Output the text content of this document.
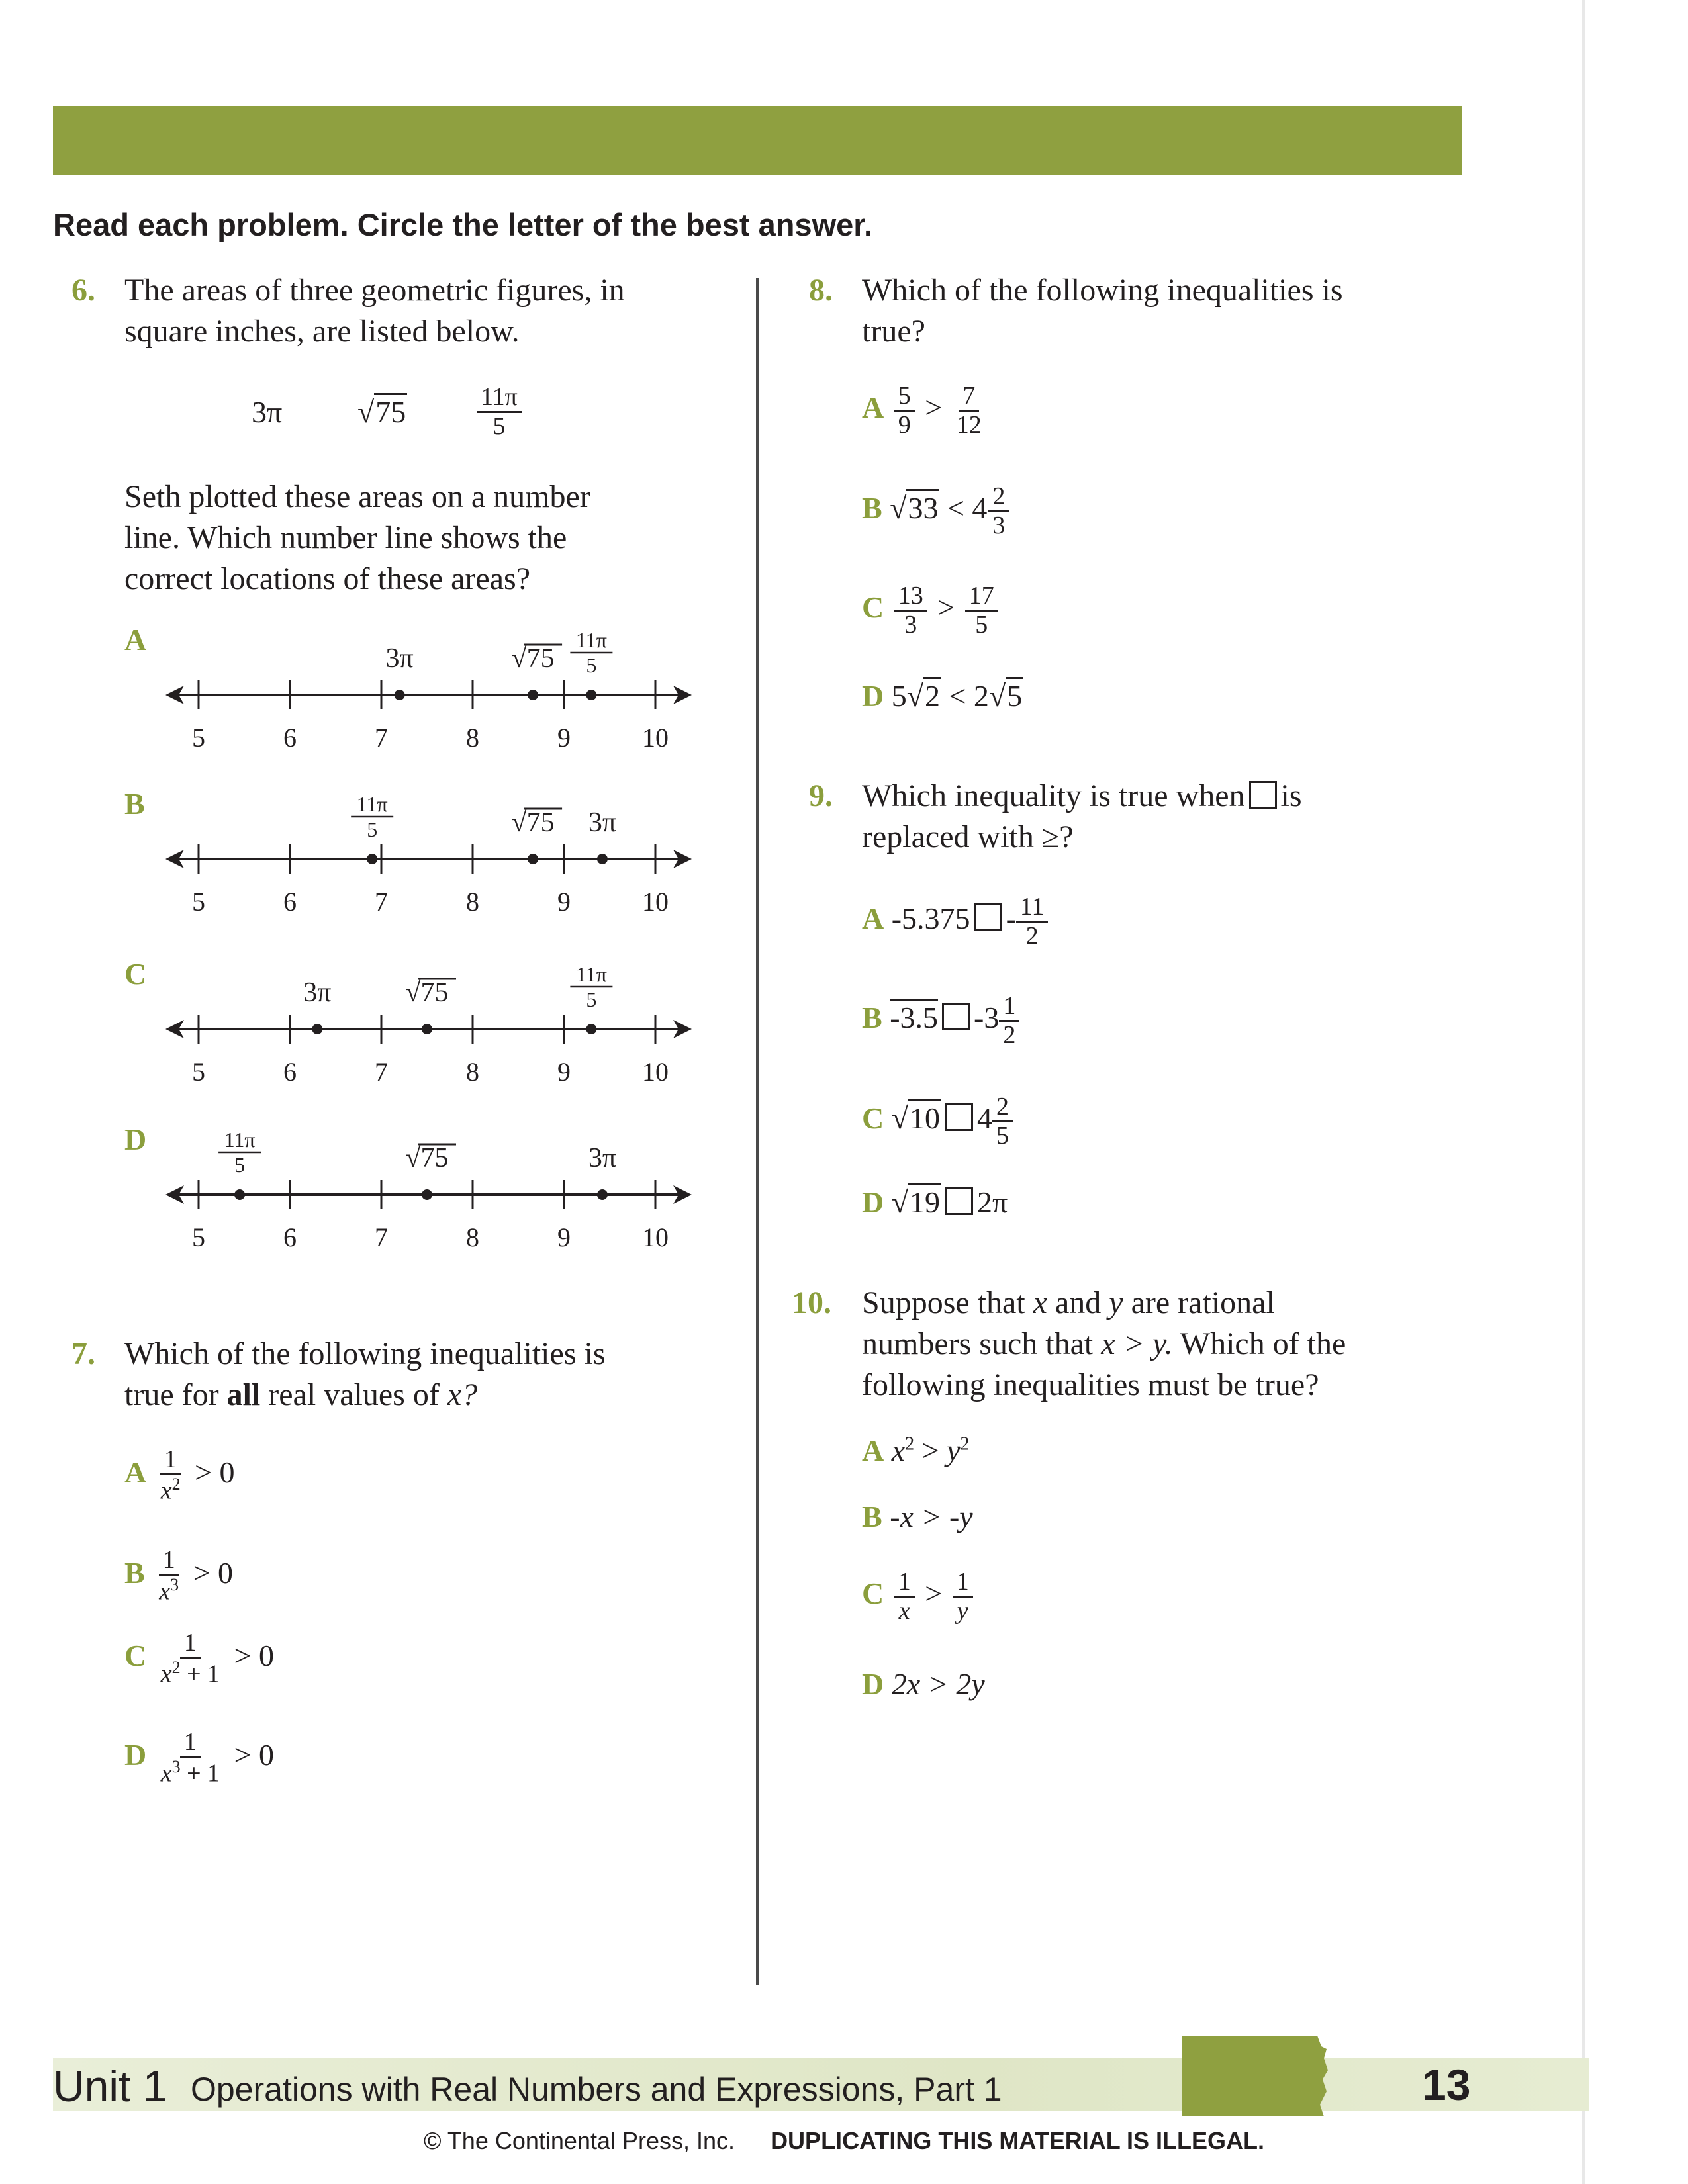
Read each problem. Circle the letter of the best answer.
6. The areas of three geometric figures, in
square inches, are listed below.
3π √75	$\frac{11\pi}{5}$
Seth plotted these areas on a number
line. Which number line shows the
correct locations of these areas?
A
5	6	7	8	9	10
3π	√75
11π
5
B
5	6	7	8	9	10
11π
5	√75 3π
C
5	6	7	8	9	10
3π	√75
11π
5
D
5	6	7	8	9	10
11π
5	√75	3π
7. Which of the following inequalities is
true for all real values of x?
A $\frac{1}{x^2} > 0$
B $\frac{1}{x^3} > 0$
C $\frac{1}{x^2 + 1} > 0$
D $\frac{1}{x^3 + 1} > 0$
8. Which of the following inequalities is
true?
A $\frac{5}{9} > \frac{7}{12}$
B $√33 < 4 \frac{2}{3}$
C $\frac{13}{3} > \frac{17}{5}$
D 5√2 < 2√5
9. Which inequality is true when is
replaced with ≥?
A $-5.375 - \frac{11}{2}$
B -3.5 $-3 \frac{1}{2}$
C √10 $4 \frac{2}{5}$
D √19 2π
10. Suppose that x and y are rational
numbers such that x > y. Which of the
following inequalities must be true?
A $x^2 > y^2$
B -x > -y
C $\frac{1}{x} > \frac{1}{y}$
D 2x > 2y
Unit 1 Operations with Real Numbers and Expressions, Part 1	13
© The Continental Press, Inc. DUPLICATING THIS MATERIAL IS ILLEGAL.
